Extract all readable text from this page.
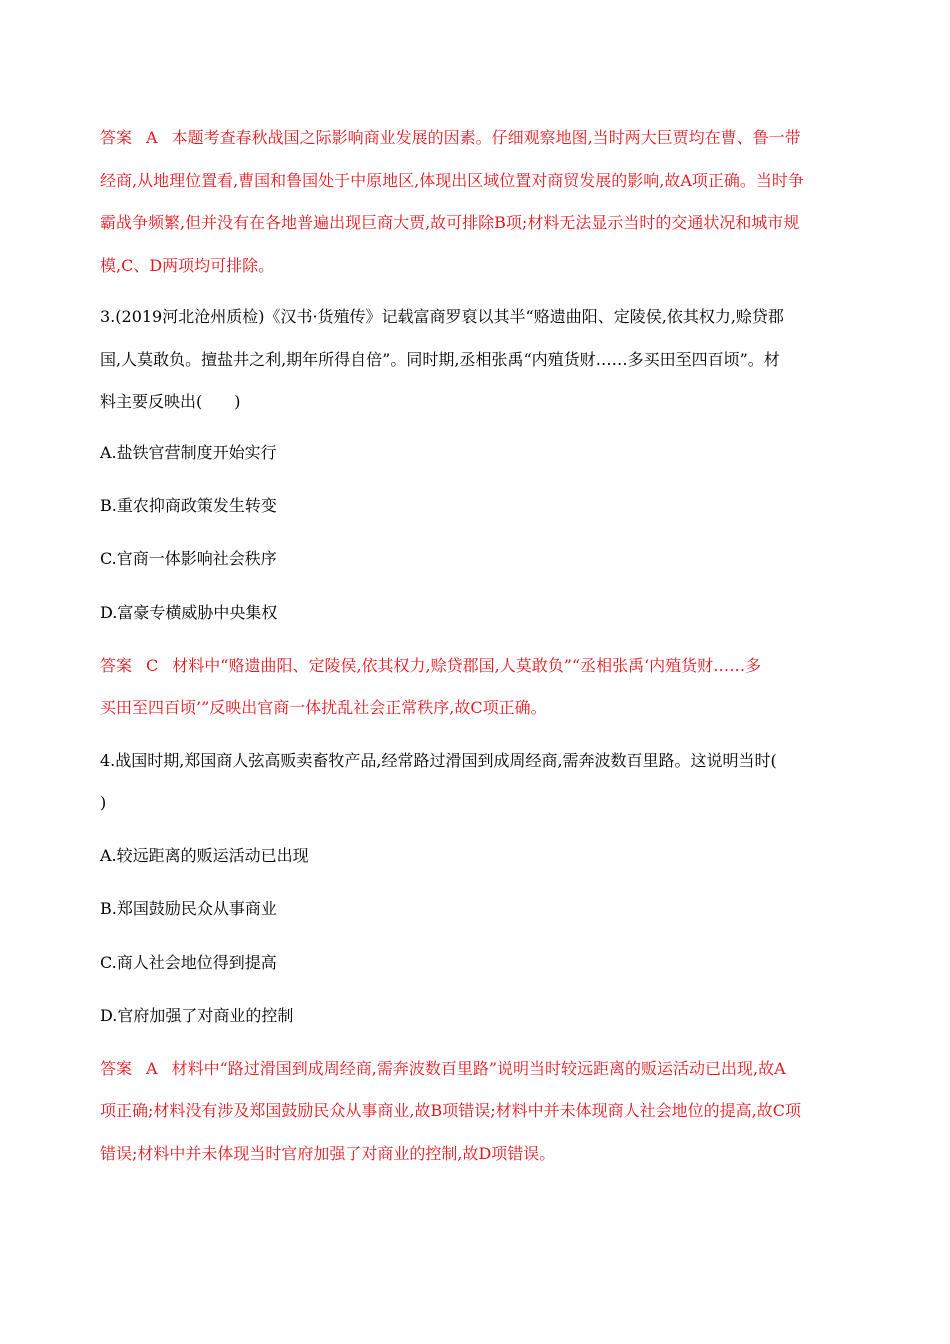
答案 A 本题考查春秋战国之际影响商业发展的因素。仔细观察地图,当时两大巨贾均在曹、鲁一带
经商,从地理位置看,曹国和鲁国处于中原地区,体现出区域位置对商贸发展的影响,故A项正确。当时争
霸战争频繁,但并没有在各地普遍出现巨商大贾,故可排除B项;材料无法显示当时的交通状况和城市规
模,C、D两项均可排除。
3.(2019河北沧州质检)《汉书·货殖传》记载富商罗裒以其半“赂遗曲阳、定陵侯,依其权力,赊贷郡
国,人莫敢负。擅盐井之利,期年所得自倍”。同时期,丞相张禹“内殖货财……多买田至四百顷”。材
料主要反映出(　　)
A.盐铁官营制度开始实行
B.重农抑商政策发生转变
C.官商一体影响社会秩序
D.富豪专横威胁中央集权
答案 C 材料中“赂遗曲阳、定陵侯,依其权力,赊贷郡国,人莫敢负”“丞相张禹‘内殖货财……多
买田至四百顷’”反映出官商一体扰乱社会正常秩序,故C项正确。
4.战国时期,郑国商人弦高贩卖畜牧产品,经常路过滑国到成周经商,需奔波数百里路。这说明当时(
)
A.较远距离的贩运活动已出现
B.郑国鼓励民众从事商业
C.商人社会地位得到提高
D.官府加强了对商业的控制
答案 A 材料中“路过滑国到成周经商,需奔波数百里路”说明当时较远距离的贩运活动已出现,故A
项正确;材料没有涉及郑国鼓励民众从事商业,故B项错误;材料中并未体现商人社会地位的提高,故C项
错误;材料中并未体现当时官府加强了对商业的控制,故D项错误。
